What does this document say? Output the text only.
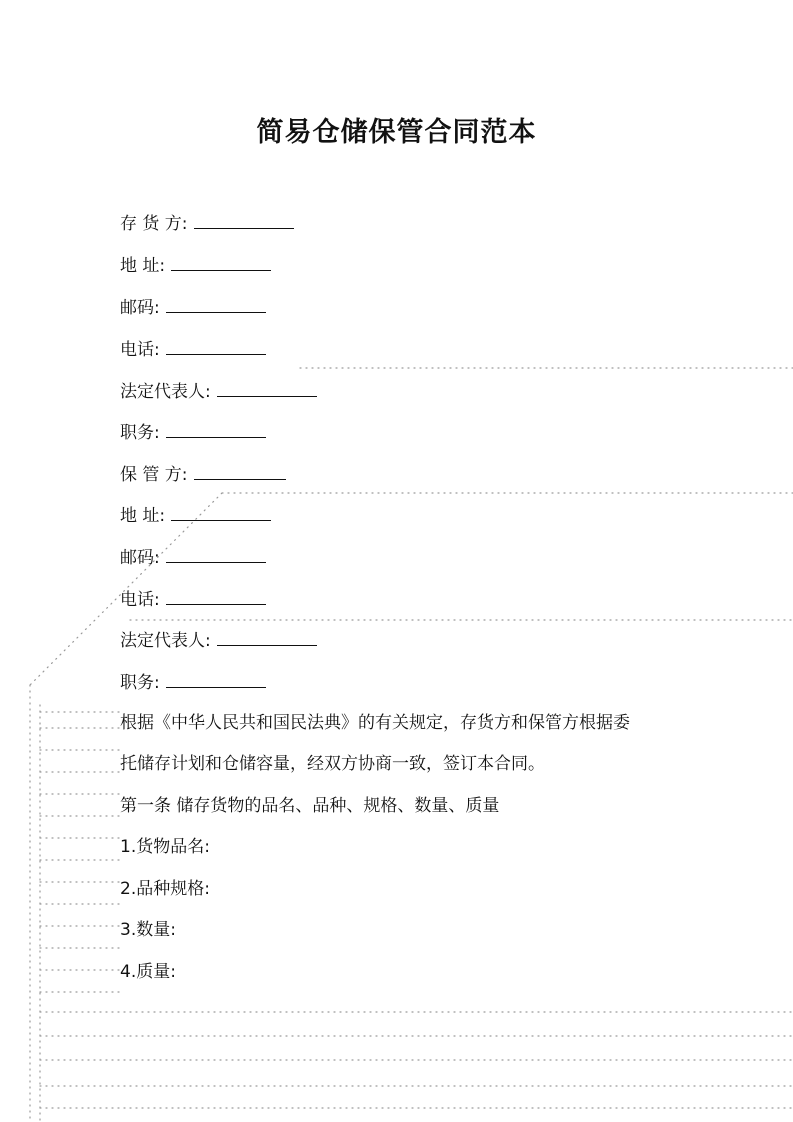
简易仓储保管合同范本
存 货 方:
地 址:
邮码:
电话:
法定代表人:
职务:
保 管 方:
地 址:
邮码:
电话:
法定代表人:
职务:
根据《中华人民共和国民法典》的有关规定，存货方和保管方根据委
托储存计划和仓储容量，经双方协商一致，签订本合同。
第一条 储存货物的品名、品种、规格、数量、质量
1.货物品名:
2.品种规格:
3.数量:
4.质量:
